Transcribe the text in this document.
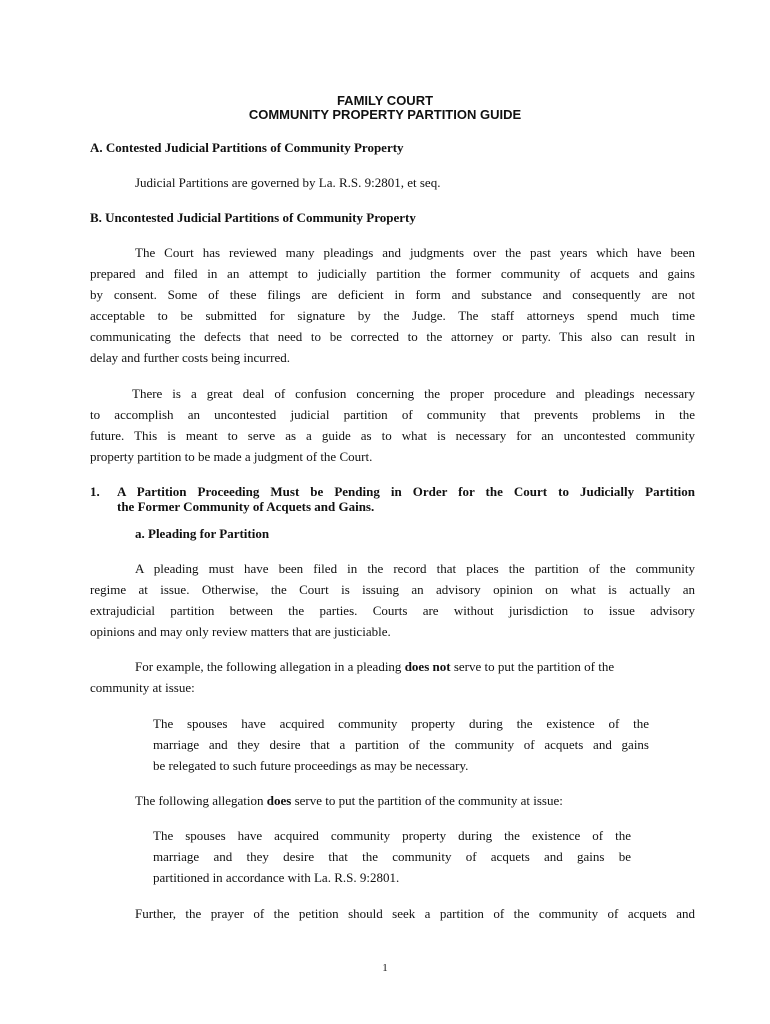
FAMILY COURT
COMMUNITY PROPERTY PARTITION GUIDE
A. Contested Judicial Partitions of Community Property
Judicial Partitions are governed by La. R.S. 9:2801, et seq.
B. Uncontested Judicial Partitions of Community Property
The Court has reviewed many pleadings and judgments over the past years which have been
prepared and filed in an attempt to judicially partition the former community of acquets and gains
by consent. Some of these filings are deficient in form and substance and consequently are not
acceptable to be submitted for signature by the Judge. The staff attorneys spend much time
communicating the defects that need to be corrected to the attorney or party. This also can result in
delay and further costs being incurred.
There is a great deal of confusion concerning the proper procedure and pleadings necessary
to accomplish an uncontested judicial partition of community that prevents problems in the
future. This is meant to serve as a guide as to what is necessary for an uncontested community
property partition to be made a judgment of the Court.
1. A Partition Proceeding Must be Pending in Order for the Court to Judicially Partition
the Former Community of Acquets and Gains.
a. Pleading for Partition
A pleading must have been filed in the record that places the partition of the community
regime at issue. Otherwise, the Court is issuing an advisory opinion on what is actually an
extrajudicial partition between the parties. Courts are without jurisdiction to issue advisory
opinions and may only review matters that are justiciable.
For example, the following allegation in a pleading does not serve to put the partition of the
community at issue:
The spouses have acquired community property during the existence of the
marriage and they desire that a partition of the community of acquets and gains
be relegated to such future proceedings as may be necessary.
The following allegation does serve to put the partition of the community at issue:
The spouses have acquired community property during the existence of the
marriage and they desire that the community of acquets and gains be
partitioned in accordance with La. R.S. 9:2801.
Further, the prayer of the petition should seek a partition of the community of acquets and
1
